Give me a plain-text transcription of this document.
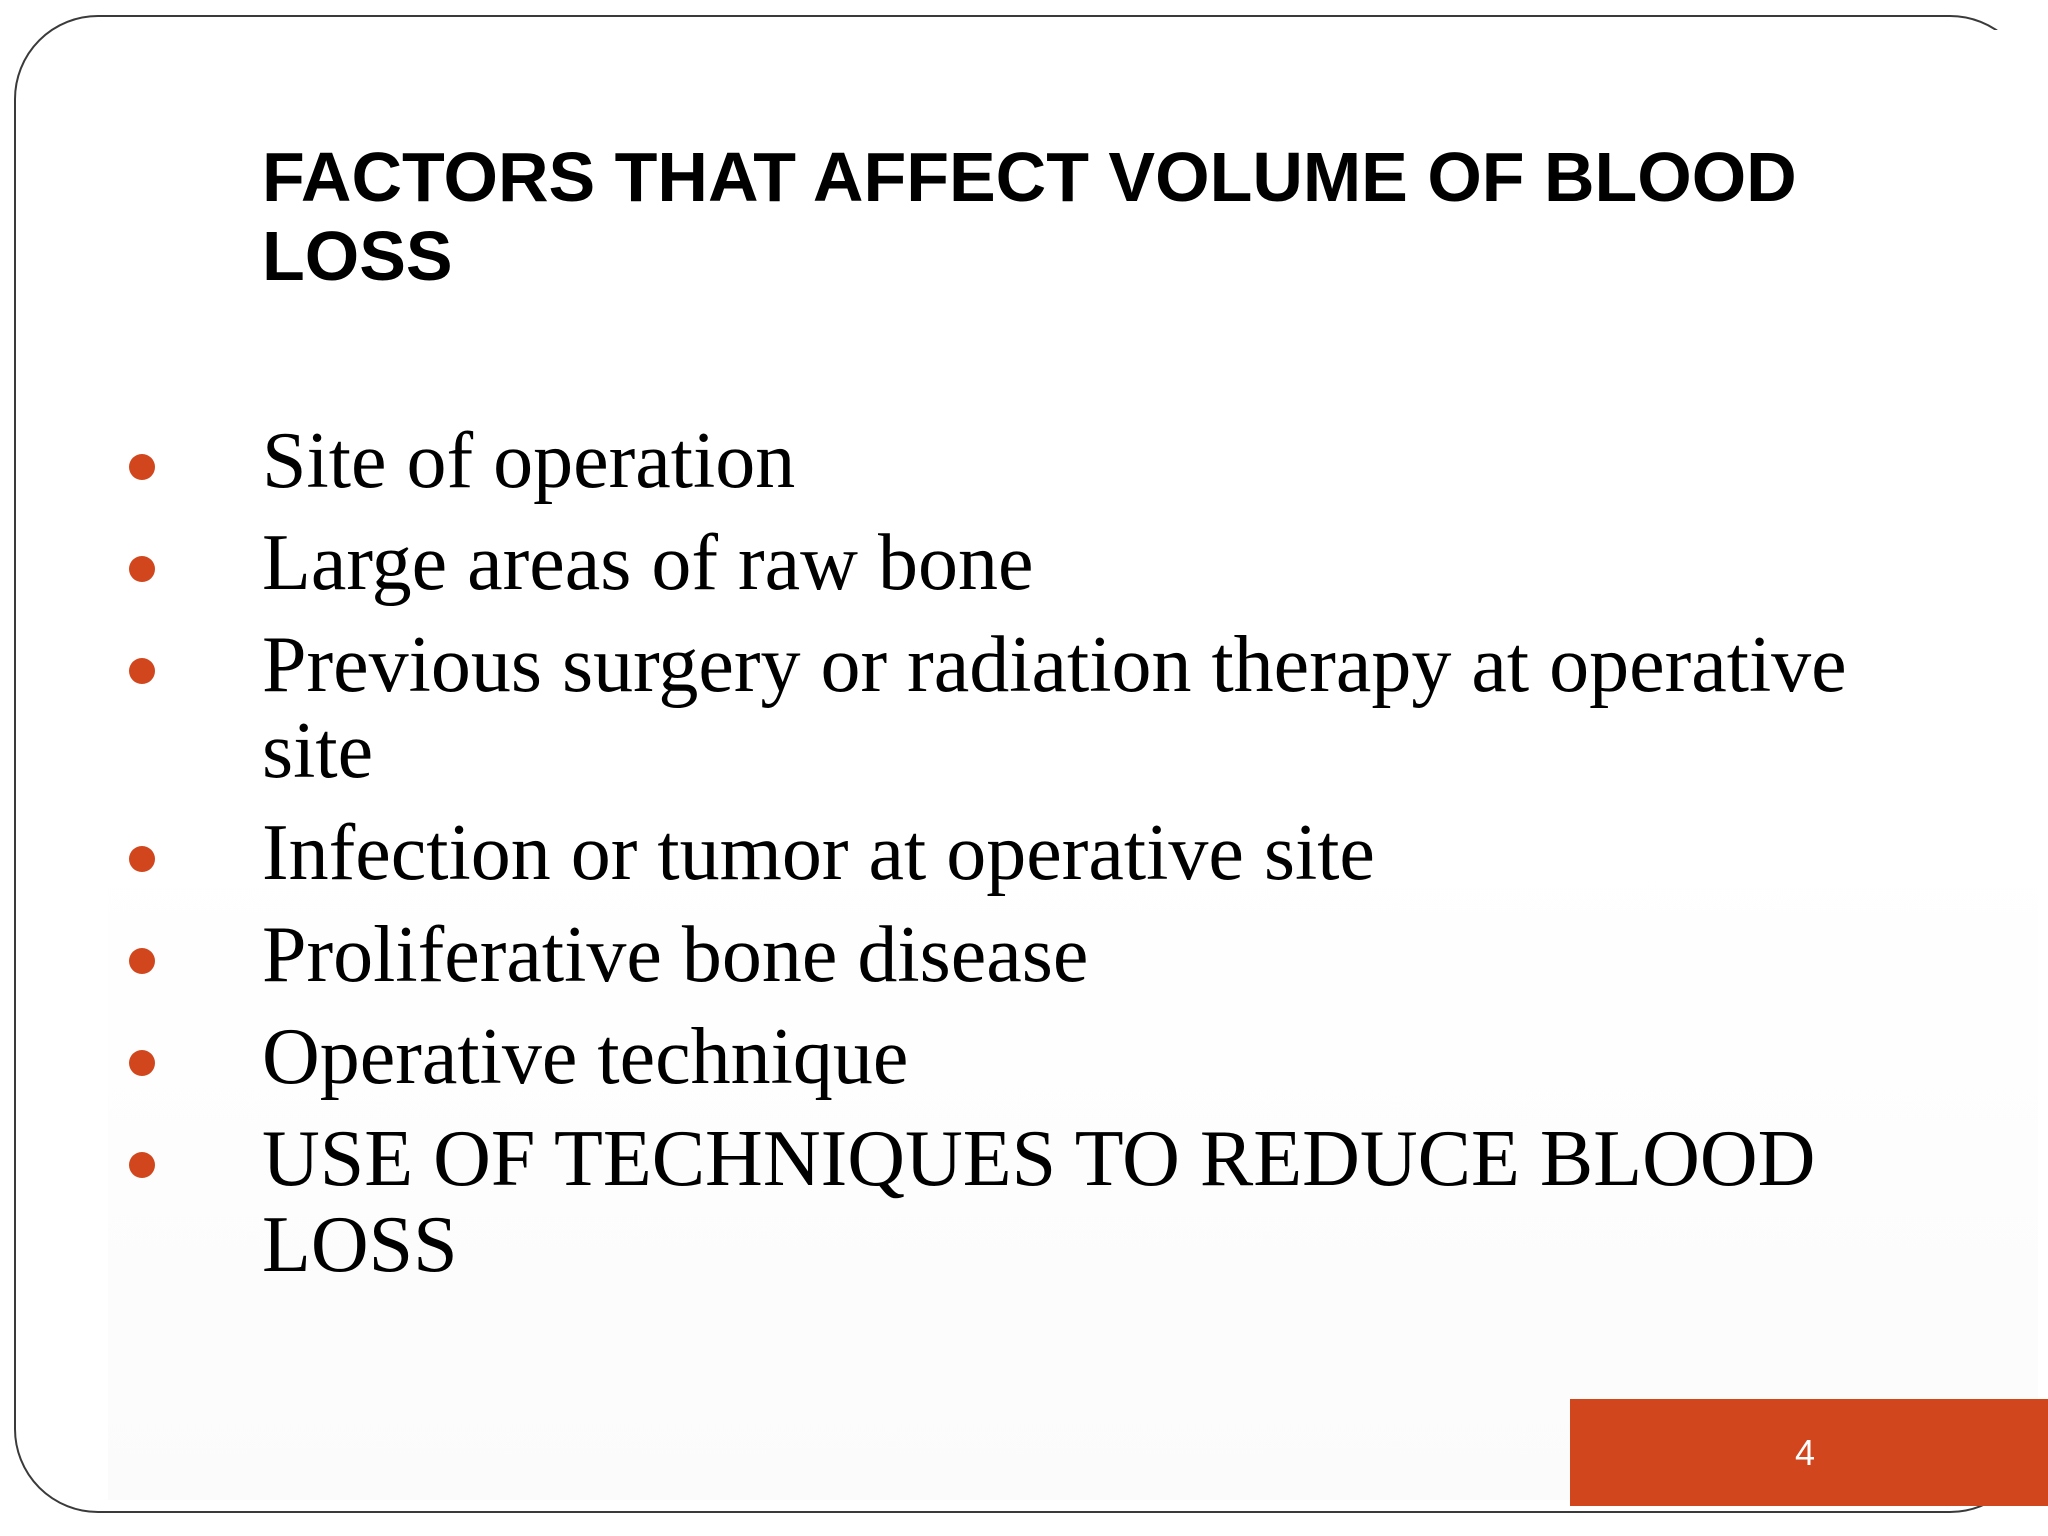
FACTORS THAT AFFECT VOLUME OF BLOOD LOSS
Site of operation
Large areas of raw bone
Previous surgery or radiation therapy at operative site
Infection or tumor at operative site
Proliferative bone disease
Operative technique
USE OF TECHNIQUES TO REDUCE BLOOD LOSS
4
